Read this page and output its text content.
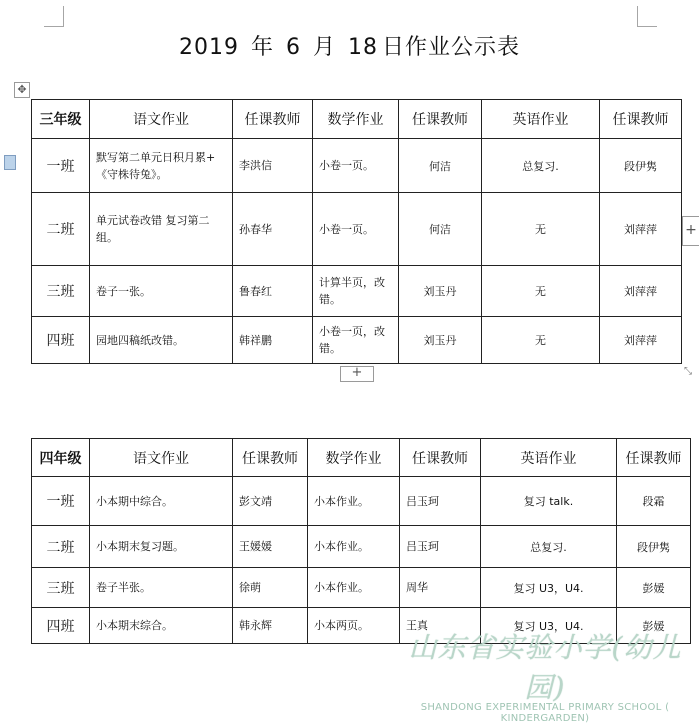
2019 年 6 月 18 日作业公示表
✥
+
+	⤡
三年级	语文作业	任课教师	数学作业	任课教师	英语作业	任课教师
一班	默写第二单元日积月累+《守株待兔》。	李洪信	小卷一页。	何洁	总复习.	段伊隽
二班	单元试卷改错 复习第二组。	孙春华	小卷一页。	何洁	无	刘萍萍
三班	卷子一张。	鲁春红	计算半页，改错。	刘玉丹	无	刘萍萍
四班	园地四稿纸改错。	韩祥鹏	小卷一页，改错。	刘玉丹	无	刘萍萍
四年级	语文作业	任课教师	数学作业	任课教师	英语作业	任课教师
一班	小本期中综合。	彭文靖	小本作业。	吕玉珂	复习 talk.	段霜
二班	小本期末复习题。	王媛媛	小本作业。	吕玉珂	总复习.	段伊隽
三班	卷子半张。	徐萌	小本作业。	周华	复习 U3，U4.	彭媛
四班	小本期末综合。	韩永辉	小本两页。	王真	复习 U3，U4.	彭媛
山东省实验小学(幼儿园)
SHANDONG EXPERIMENTAL PRIMARY SCHOOL ( KINDERGARDEN)
